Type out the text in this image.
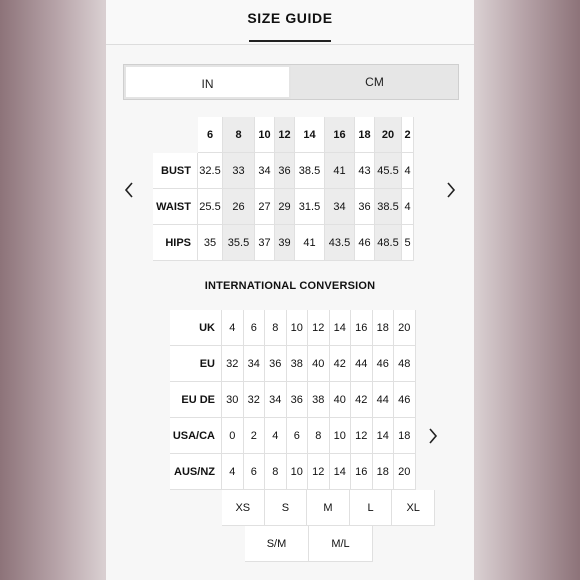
SIZE GUIDE
IN	CM
6	8	10 12	14	16	18	20 2
BUST 32.5	33	34 36 38.5	41	43 45.5 4
WAIST 25.5	26	27 29 31.5	34	36 38.5 4
HIPS	35	35.5 37 39	41	43.5 46 48.5 5
INTERNATIONAL CONVERSION
UK	4	6	8	10 12 14 16 18 20
EU	32 34 36 38 40 42 44 46 48
EU DE	30 32 34 36 38 40 42 44 46
USA/CA	0	2	4	6	8	10 12 14 18
AUS/NZ	4	6	8	10 12 14 16 18 20
XS	S	M	L	XL
S/M	M/L
